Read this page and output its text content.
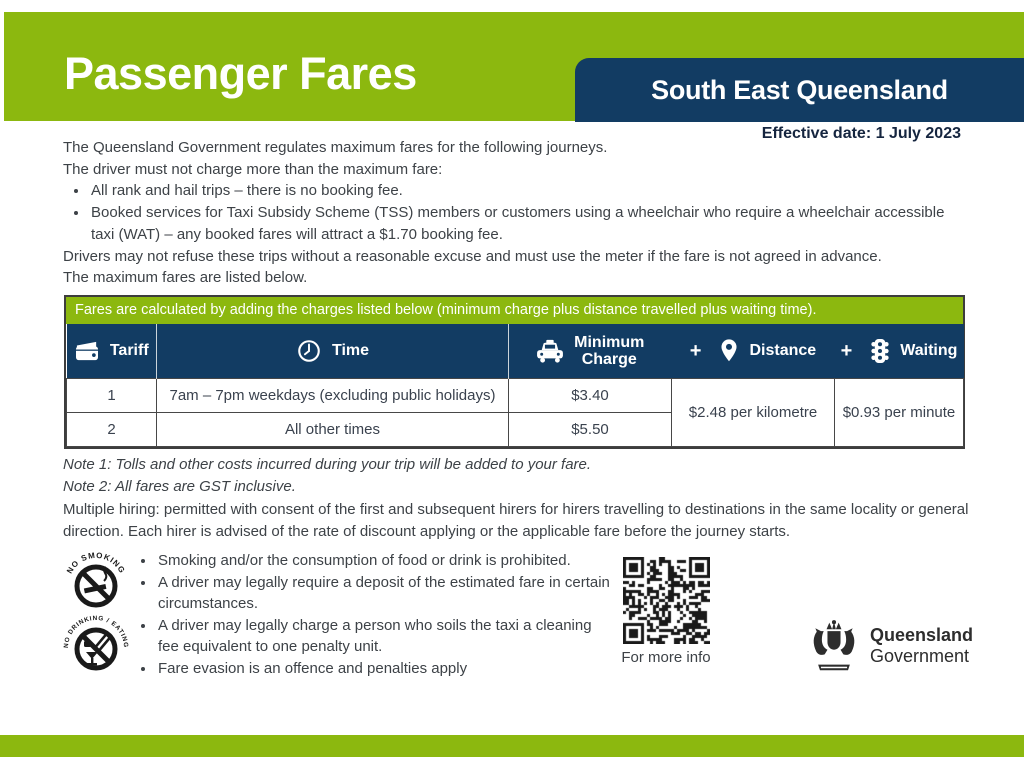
Passenger Fares	South East Queensland
Effective date: 1 July 2023

The Queensland Government regulates maximum fares for the following journeys.

The driver must not charge more than the maximum fare:

• All rank and hail trips – there is no booking fee.
• Booked services for Taxi Subsidy Scheme (TSS) members or customers using a wheelchair who require a wheelchair accessible taxi (WAT) – any booked fares will attract a $1.70 booking fee.

Drivers may not refuse these trips without a reasonable excuse and must use the meter if the fare is not agreed in advance.

The maximum fares are listed below.

Fares are calculated by adding the charges listed below (minimum charge plus distance travelled plus waiting time).
Tariff	Time	Minimum Charge	+ Distance	+ Waiting

1	7am – 7pm weekdays (excluding public holidays)	$3.40	$2.48 per kilometre	$0.93 per minute
2	All other times	$5.50		
Note 1: Tolls and other costs incurred during your trip will be added to your fare.
Note 2: All fares are GST inclusive.
Multiple hiring: permitted with consent of the first and subsequent hirers for hirers travelling to destinations in the same locality or general direction. Each hirer is advised of the rate of discount applying or the applicable fare before the journey starts.
NO SMOKING
NO DRINKING / EATING
• Smoking and/or the consumption of food or drink is prohibited.
• A driver may legally require a deposit of the estimated fare in certain circumstances.
• A driver may legally charge a person who soils the taxi a cleaning fee equivalent to one penalty unit.
• Fare evasion is an offence and penalties apply
For more info
Queensland
Government
